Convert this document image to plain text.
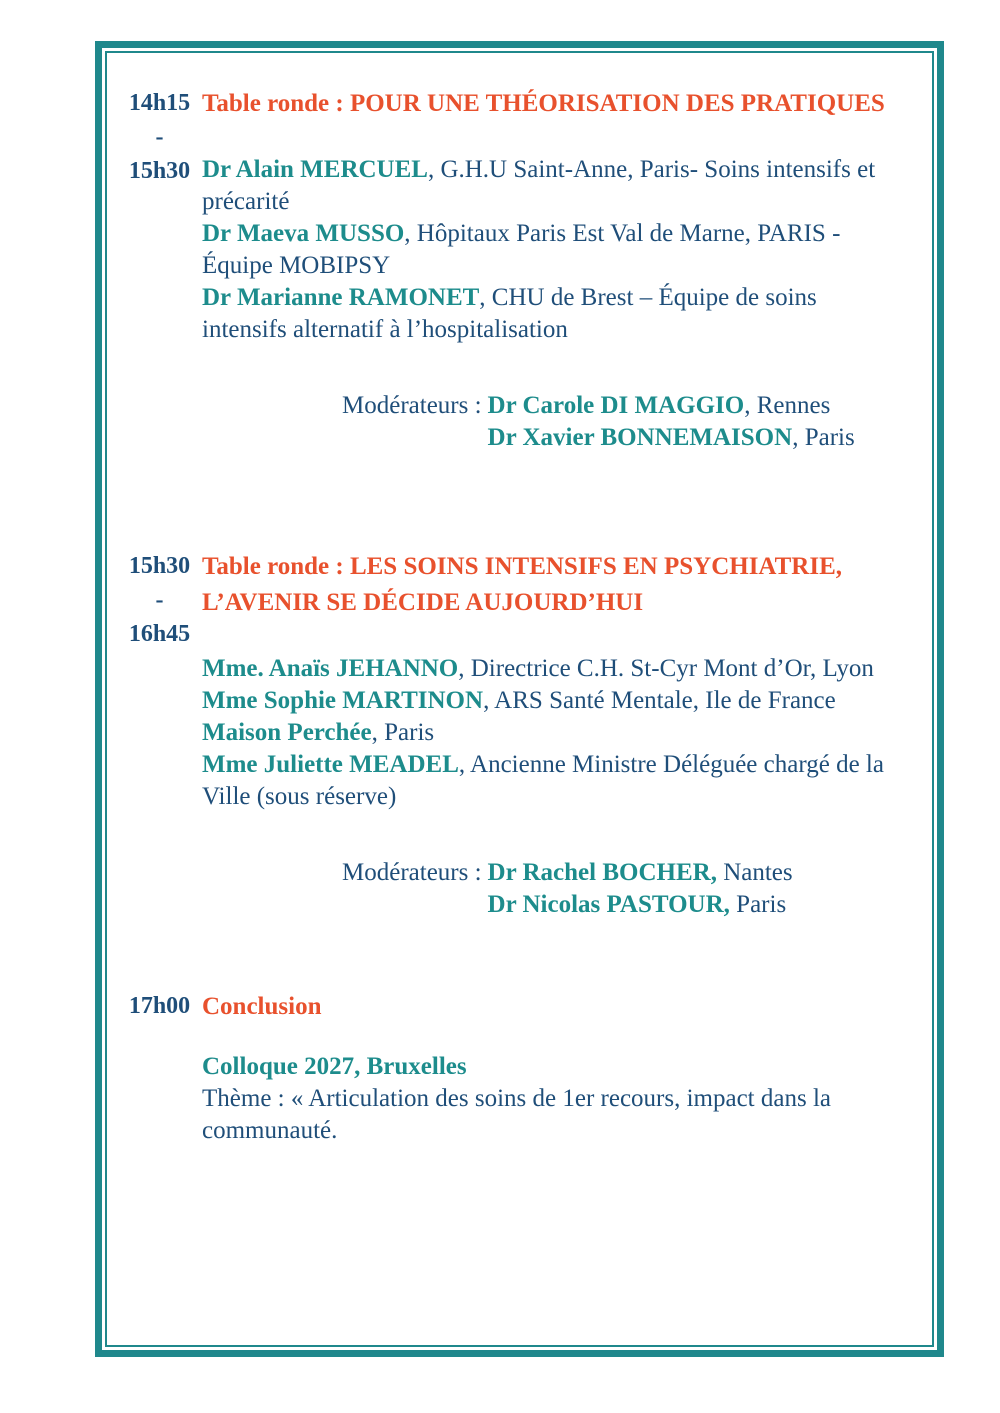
14h15
-
15h30
Table ronde : POUR UNE THÉORISATION DES PRATIQUES
Dr Alain MERCUEL, G.H.U Saint-Anne, Paris- Soins intensifs et précarité
Dr Maeva MUSSO, Hôpitaux Paris Est Val de Marne, PARIS - Équipe MOBIPSY
Dr Marianne RAMONET, CHU de Brest – Équipe de soins intensifs alternatif à l’hospitalisation
Modérateurs : Dr Carole DI MAGGIO, Rennes
Dr Xavier BONNEMAISON, Paris
15h30
-
16h45
Table ronde : LES SOINS INTENSIFS EN PSYCHIATRIE, L’AVENIR SE DÉCIDE AUJOURD’HUI
Mme. Anaïs JEHANNO, Directrice C.H. St-Cyr Mont d’Or, Lyon
Mme Sophie MARTINON, ARS Santé Mentale, Ile de France Maison Perchée, Paris
Mme Juliette MEADEL, Ancienne Ministre Déléguée chargé de la Ville (sous réserve)
Modérateurs : Dr Rachel BOCHER, Nantes
Dr Nicolas PASTOUR, Paris
17h00 Conclusion
Colloque 2027, Bruxelles
Thème : « Articulation des soins de 1er recours, impact dans la communauté.
